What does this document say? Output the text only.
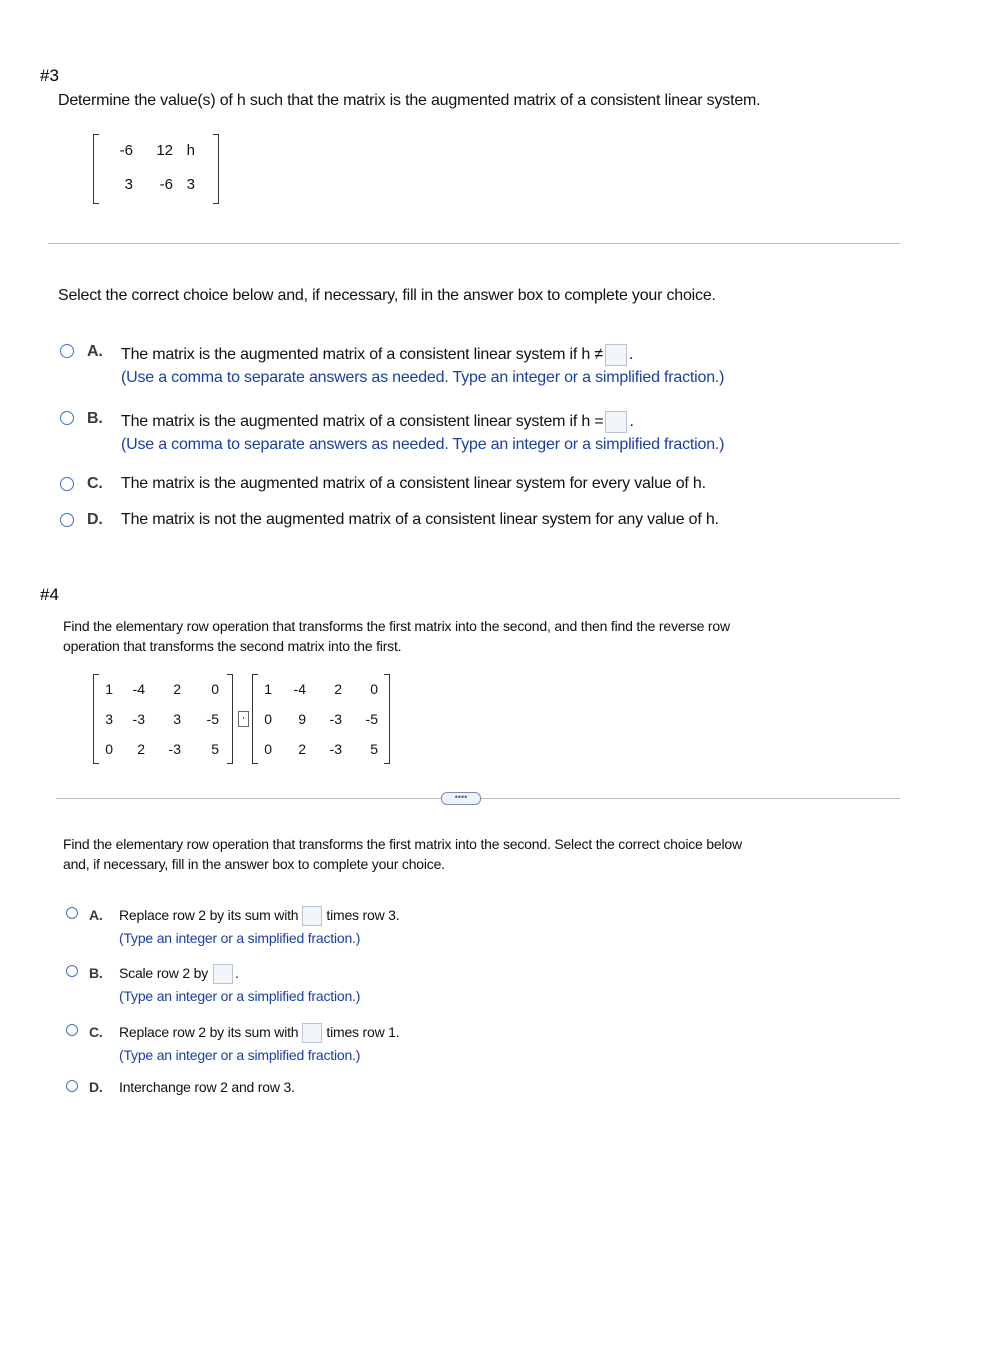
#3
Determine the value(s) of h such that the matrix is the augmented matrix of a consistent linear system.
-6	12 h
3	-6 3
Select the correct choice below and, if necessary, fill in the answer box to complete your choice.
A.	The matrix is the augmented matrix of a consistent linear system if h ≠ .
(Use a comma to separate answers as needed. Type an integer or a simplified fraction.)
B.	The matrix is the augmented matrix of a consistent linear system if h = .
(Use a comma to separate answers as needed. Type an integer or a simplified fraction.)
C.	The matrix is the augmented matrix of a consistent linear system for every value of h.
D.	The matrix is not the augmented matrix of a consistent linear system for any value of h.
#4
Find the elementary row operation that transforms the first matrix into the second, and then find the reverse row
operation that transforms the second matrix into the first.
1	-4	2	0
3	-3	3	-5
0	2	-3	5
·
1	-4	2	0
0	9	-3	-5
0	2	-3	5
••••
Find the elementary row operation that transforms the first matrix into the second. Select the correct choice below
and, if necessary, fill in the answer box to complete your choice.
A.	Replace row 2 by its sum with times row 3.
(Type an integer or a simplified fraction.)
B.	Scale row 2 by .
(Type an integer or a simplified fraction.)
C.	Replace row 2 by its sum with times row 1.
(Type an integer or a simplified fraction.)
D.	Interchange row 2 and row 3.
